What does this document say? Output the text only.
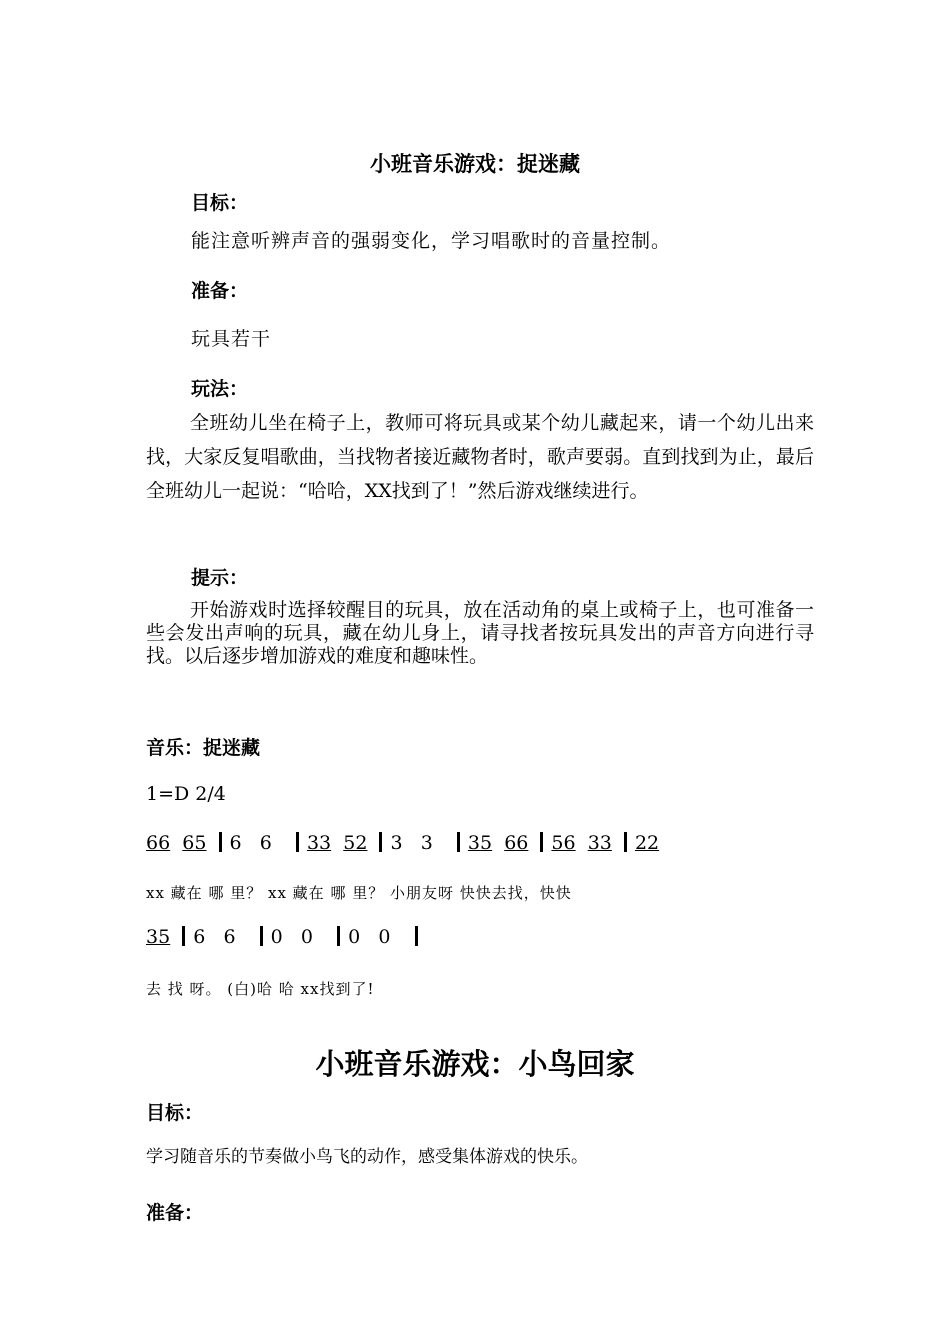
小班音乐游戏：捉迷藏
目标：
能注意听辨声音的强弱变化，学习唱歌时的音量控制。
准备：
玩具若干
玩法：
全班幼儿坐在椅子上，教师可将玩具或某个幼儿藏起来，请一个幼儿出来找，大家反复唱歌曲，当找物者接近藏物者时，歌声要弱。直到找到为止，最后全班幼儿一起说：“哈哈，XX找到了！”然后游戏继续进行。
提示：
开始游戏时选择较醒目的玩具，放在活动角的桌上或椅子上，也可准备一些会发出声响的玩具，藏在幼儿身上，请寻找者按玩具发出的声音方向进行寻找。以后逐步增加游戏的难度和趣味性。
音乐：捉迷藏
1=D 2/4
66 65 6 6 33 52 3 3 35 66 56 33 22
xx 藏在 哪 里？ xx 藏在 哪 里？ 小朋友呀 快快去找，快快
35 6 6 0 0 0 0
去 找 呀。 (白)哈 哈 xx找到了!
小班音乐游戏：小鸟回家
目标：
学习随音乐的节奏做小鸟飞的动作，感受集体游戏的快乐。
准备：
